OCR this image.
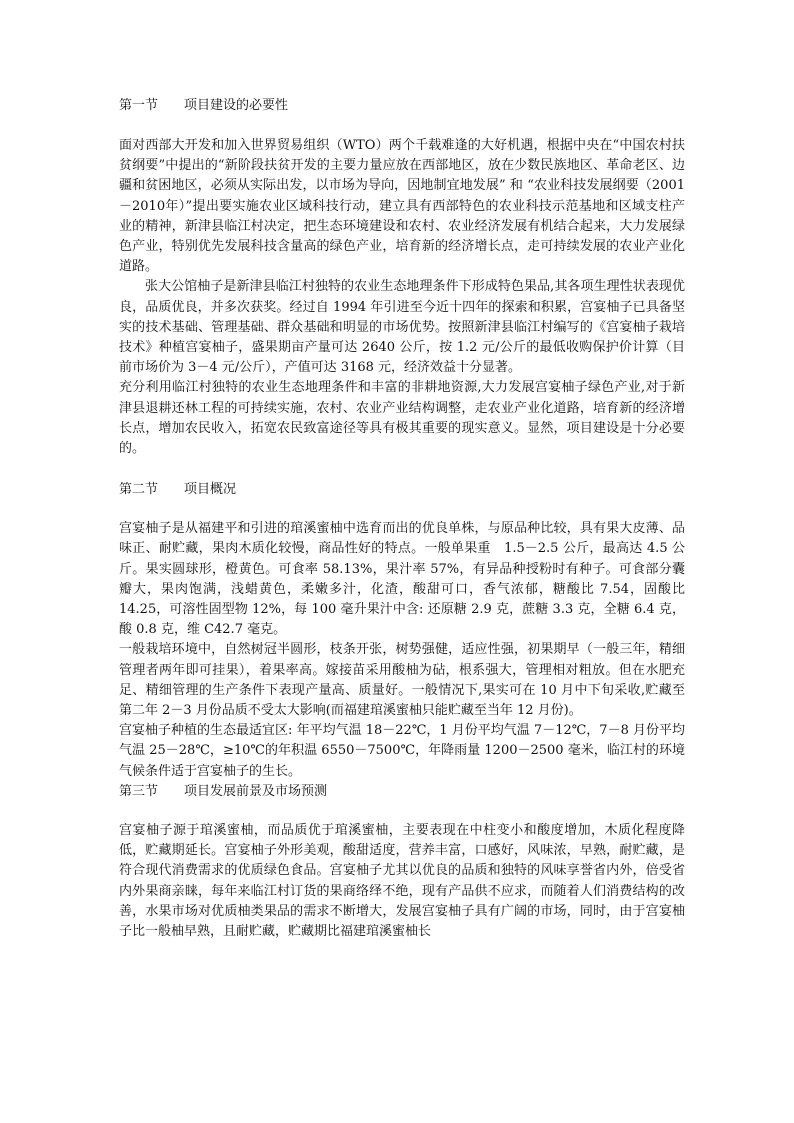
第一节　　项目建设的必要性

面对西部大开发和加入世界贸易组织（WTO）两个千载难逢的大好机遇，根据中央在“中国农村扶贫纲要”中提出的“新阶段扶贫开发的主要力量应放在西部地区，放在少数民族地区、革命老区、边疆和贫困地区，必须从实际出发，以市场为导向，因地制宜地发展” 和 “农业科技发展纲要（2001－2010年）”提出要实施农业区域科技行动，建立具有西部特色的农业科技示范基地和区域支柱产业的精神，新津县临江村决定，把生态环境建设和农村、农业经济发展有机结合起来，大力发展绿色产业，特别优先发展科技含量高的绿色产业，培育新的经济增长点，走可持续发展的农业产业化道路。

张大公馆柚子是新津县临江村独特的农业生态地理条件下形成特色果品,其各项生理性状表现优良，品质优良，并多次获奖。经过自 1994 年引进至今近十四年的探索和积累，宫宴柚子已具备坚实的技术基础、管理基础、群众基础和明显的市场优势。按照新津县临江村编写的《宫宴柚子栽培技术》种植宫宴柚子，盛果期亩产量可达 2640 公斤，按 1.2 元/公斤的最低收购保护价计算（目前市场价为 3－4 元/公斤），产值可达 3168 元，经济效益十分显著。

充分利用临江村独特的农业生态地理条件和丰富的非耕地资源,大力发展宫宴柚子绿色产业,对于新津县退耕还林工程的可持续实施，农村、农业产业结构调整，走农业产业化道路，培育新的经济增长点，增加农民收入，拓宽农民致富途径等具有极其重要的现实意义。显然，项目建设是十分必要的。

第二节　　项目概况

宫宴柚子是从福建平和引进的琯溪蜜柚中选育而出的优良单株，与原品种比较，具有果大皮薄、品味正、耐贮藏，果肉木质化较慢，商品性好的特点。一般单果重　1.5－2.5 公斤，最高达 4.5 公斤。果实圆球形，橙黄色。可食率 58.13%，果汁率 57%，有异品种授粉时有种子。可食部分囊瓣大，果肉饱满，浅蜡黄色，柔嫩多汁，化渣，酸甜可口，香气浓郁，糖酸比 7.54，固酸比 14.25，可溶性固型物 12%，每 100 毫升果汁中含: 还原糖 2.9 克，蔗糖 3.3 克，全糖 6.4 克，酸 0.8 克，维 C42.7 毫克。

一般栽培环境中，自然树冠半圆形，枝条开张，树势强健，适应性强，初果期早（一般三年，精细管理者两年即可挂果），着果率高。嫁接苗采用酸柚为砧，根系强大，管理相对粗放。但在水肥充足、精细管理的生产条件下表现产量高、质量好。一般情况下,果实可在 10 月中下旬采收,贮藏至第二年 2－3 月份品质不受太大影响(而福建琯溪蜜柚只能贮藏至当年 12 月份)。

宫宴柚子种植的生态最适宜区: 年平均气温 18－22℃，1 月份平均气温 7－12℃，7－8 月份平均气温 25－28℃，≥10℃的年积温 6550－7500℃，年降雨量 1200－2500 毫米，临江村的环境气候条件适于宫宴柚子的生长。

第三节　　项目发展前景及市场预测

宫宴柚子源于琯溪蜜柚，而品质优于琯溪蜜柚，主要表现在中柱变小和酸度增加，木质化程度降低，贮藏期延长。宫宴柚子外形美观，酸甜适度，营养丰富，口感好，风味浓，早熟，耐贮藏，是符合现代消费需求的优质绿色食品。宫宴柚子尤其以优良的品质和独特的风味享誉省内外，倍受省内外果商亲睐，每年来临江村订货的果商络绎不绝，现有产品供不应求，而随着人们消费结构的改善，水果市场对优质柚类果品的需求不断增大，发展宫宴柚子具有广阔的市场，同时，由于宫宴柚子比一般柚早熟，且耐贮藏，贮藏期比福建琯溪蜜柚长
